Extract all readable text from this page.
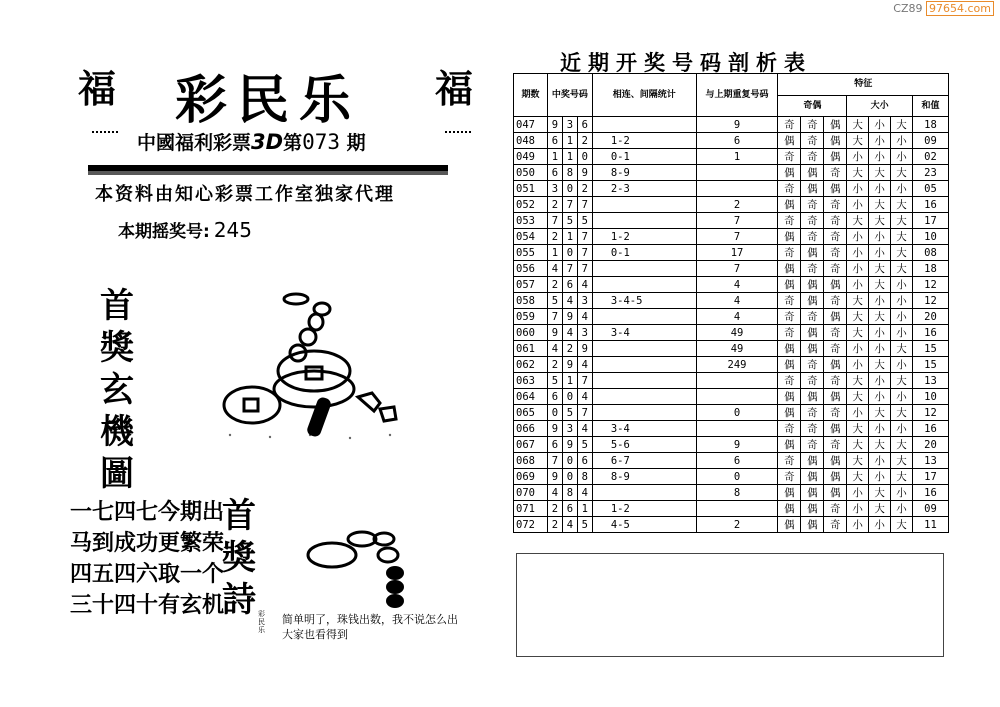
CZ89 97654.com
福 彩民乐 福
中國福利彩票3D第073 期
本资料由知心彩票工作室独家代理
本期摇奖号: 245
首獎玄機圖
一七四七今期出
马到成功更繁荣
四五四六取一个
三十四十有玄机
首獎詩 彩民乐
简单明了，珠钱出数，我不说怎么出大家也看得到
近期开奖号码剖析表
期数	中奖号码			相连、间隔统计	与上期重复号码	特征						
						奇偶			大小			和值
047	9	3	6		9	奇	奇	偶	大	小	大	18
048	6	1	2	1-2	6	偶	奇	偶	大	小	小	09
049	1	1	0	0-1	1	奇	奇	偶	小	小	小	02
050	6	8	9	8-9		偶	偶	奇	大	大	大	23
051	3	0	2	2-3		奇	偶	偶	小	小	小	05
052	2	7	7		2	偶	奇	奇	小	大	大	16
053	7	5	5		7	奇	奇	奇	大	大	大	17
054	2	1	7	1-2	7	偶	奇	奇	小	小	大	10
055	1	0	7	0-1	17	奇	偶	奇	小	小	大	08
056	4	7	7		7	偶	奇	奇	小	大	大	18
057	2	6	4		4	偶	偶	偶	小	大	小	12
058	5	4	3	3-4-5	4	奇	偶	奇	大	小	小	12
059	7	9	4		4	奇	奇	偶	大	大	小	20
060	9	4	3	3-4	49	奇	偶	奇	大	小	小	16
061	4	2	9		49	偶	偶	奇	小	小	大	15
062	2	9	4		249	偶	奇	偶	小	大	小	15
063	5	1	7			奇	奇	奇	大	小	大	13
064	6	0	4			偶	偶	偶	大	小	小	10
065	0	5	7		0	偶	奇	奇	小	大	大	12
066	9	3	4	3-4		奇	奇	偶	大	小	小	16
067	6	9	5	5-6	9	偶	奇	奇	大	大	大	20
068	7	0	6	6-7	6	奇	偶	偶	大	小	大	13
069	9	0	8	8-9	0	奇	偶	偶	大	小	大	17
070	4	8	4		8	偶	偶	偶	小	大	小	16
071	2	6	1	1-2		偶	偶	奇	小	大	小	09
072	2	4	5	4-5	2	偶	偶	奇	小	小	大	11
